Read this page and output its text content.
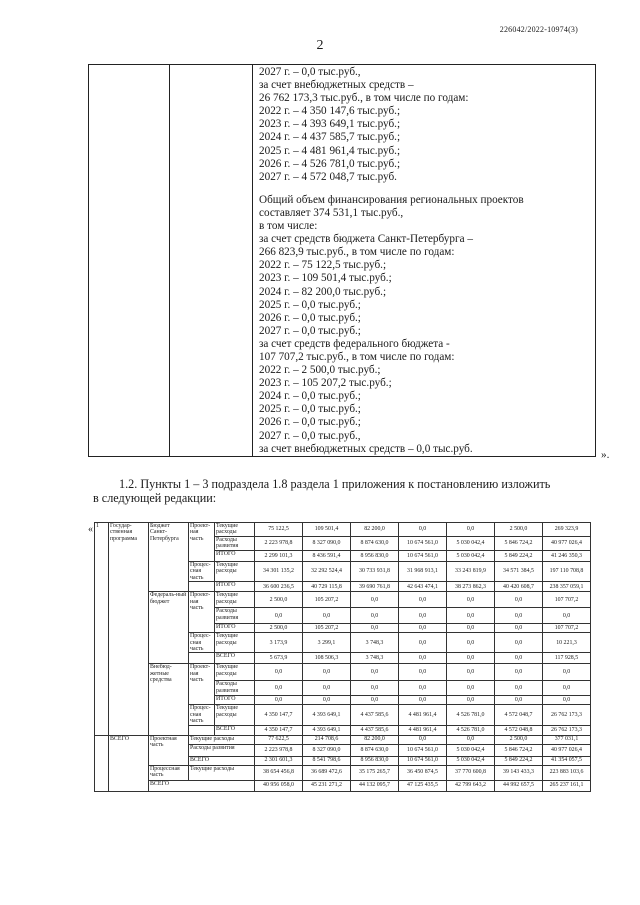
226042/2022-10974(3)
2

2027 г. – 0,0 тыс.руб.,
за счет внебюджетных средств –
26 762 173,3 тыс.руб., в том числе по годам:
2022 г. – 4 350 147,6 тыс.руб.;
2023 г. – 4 393 649,1 тыс.руб.;
2024 г. – 4 437 585,7 тыс.руб.;
2025 г. – 4 481 961,4 тыс.руб.;
2026 г. – 4 526 781,0 тыс.руб.;
2027 г. – 4 572 048,7 тыс.руб.
Общий объем финансирования региональных проектов
составляет 374 531,1 тыс.руб.,
в том числе:
за счет средств бюджета Санкт-Петербурга –
266 823,9 тыс.руб., в том числе по годам:
2022 г. – 75 122,5 тыс.руб.;
2023 г. – 109 501,4 тыс.руб.;
2024 г. – 82 200,0 тыс.руб.;
2025 г. – 0,0 тыс.руб.;
2026 г. – 0,0 тыс.руб.;
2027 г. – 0,0 тыс.руб.;
за счет средств федерального бюджета -
107 707,2 тыс.руб., в том числе по годам:
2022 г. – 2 500,0 тыс.руб.;
2023 г. – 105 207,2 тыс.руб.;
2024 г. – 0,0 тыс.руб.;
2025 г. – 0,0 тыс.руб.;
2026 г. – 0,0 тыс.руб.;
2027 г. – 0,0 тыс.руб.,
за счет внебюджетных средств – 0,0 тыс.руб.
».
1.2. Пункты 1 – 3 подраздела 1.8 раздела 1 приложения к постановлению изложить
в следующей редакции:
« 1	Государ-ственная программа	Бюджет Санкт-Петербурга	Проект-ная часть	Текущие расходы	75 122,5	109 501,4	82 200,0	0,0	0,0	2 500,0	269 323,9
				Расходы развития	2 223 978,8	8 327 090,0	8 874 630,0	10 674 561,0	5 030 042,4	5 846 724,2	40 977 026,4
				ИТОГО	2 299 101,3	8 436 591,4	8 956 830,0	10 674 561,0	5 030 042,4	5 849 224,2	41 246 350,3
			Процес-сная часть	Текущие расходы	34 301 135,2	32 292 524,4	30 733 931,8	31 968 913,1	33 243 819,9	34 571 384,5	197 110 708,8
				ИТОГО	36 600 236,5	40 729 115,8	39 690 761,8	42 643 474,1	38 273 862,3	40 420 608,7	238 357 059,1
		Федераль-ный бюджет	Проект-ная часть	Текущие расходы	2 500,0	105 207,2	0,0	0,0	0,0	0,0	107 707,2
				Расходы развития	0,0	0,0	0,0	0,0	0,0	0,0	0,0
				ИТОГО	2 500,0	105 207,2	0,0	0,0	0,0	0,0	107 707,2
			Процес-сная часть	Текущие расходы	3 173,9	3 299,1	3 748,3	0,0	0,0	0,0	10 221,3
				ВСЕГО	5 673,9	108 506,3	3 748,3	0,0	0,0	0,0	117 928,5
		Внебюд-жетные средства	Проект-ная часть	Текущие расходы	0,0	0,0	0,0	0,0	0,0	0,0	0,0
				Расходы развития	0,0	0,0	0,0	0,0	0,0	0,0	0,0
				ИТОГО	0,0	0,0	0,0	0,0	0,0	0,0	0,0
			Процес-сная часть	Текущие расходы	4 350 147,7	4 393 649,1	4 437 585,6	4 481 961,4	4 526 781,0	4 572 048,7	26 762 173,3
				ВСЕГО	4 350 147,7	4 393 649,1	4 437 585,6	4 481 961,4	4 526 781,0	4 572 048,8	26 762 173,3
	ВСЕГО	Проектная часть	Текущие расходы		77 622,5	214 708,6	82 200,0	0,0	0,0	2 500,0	377 031,1
			Расходы развития		2 223 978,8	8 327 090,0	8 874 630,0	10 674 561,0	5 030 042,4	5 846 724,2	40 977 026,4
			ВСЕГО		2 301 601,3	8 541 798,6	8 956 830,0	10 674 561,0	5 030 042,4	5 849 224,2	41 354 057,5
		Процессная часть	Текущие расходы		38 654 456,8	36 689 472,6	35 175 265,7	36 450 874,5	37 770 600,8	39 143 433,3	223 883 103,6
		ВСЕГО			40 956 058,0	45 231 271,2	44 132 095,7	47 125 435,5	42 799 643,2	44 992 657,5	265 237 161,1
